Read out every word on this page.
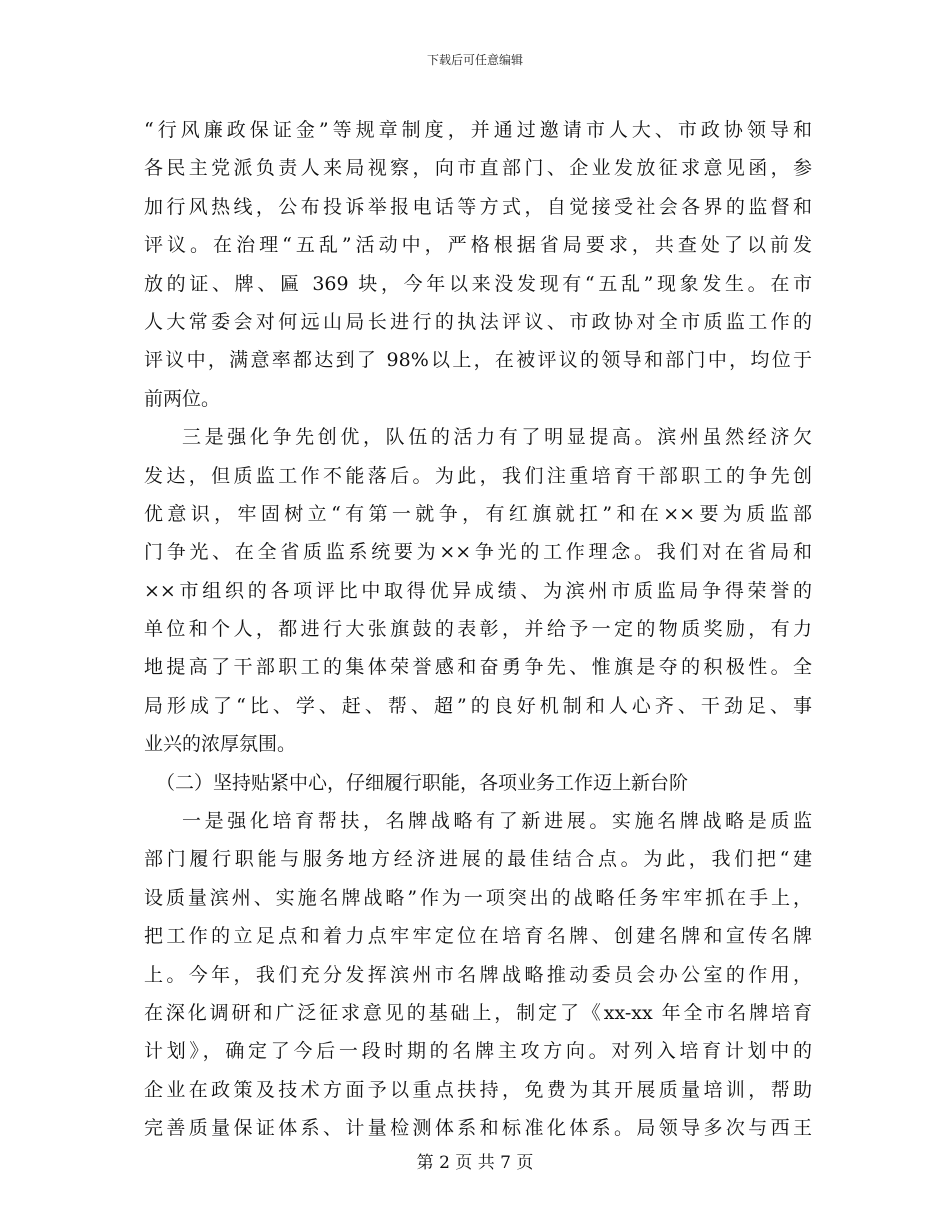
下载后可任意编辑
“行风廉政保证金”等规章制度，并通过邀请市人大、市政协领导和
各民主党派负责人来局视察，向市直部门、企业发放征求意见函，参
加行风热线，公布投诉举报电话等方式，自觉接受社会各界的监督和
评议。在治理“五乱”活动中，严格根据省局要求，共查处了以前发
放的证、牌、匾 369 块，今年以来没发现有“五乱”现象发生。在市
人大常委会对何远山局长进行的执法评议、市政协对全市质监工作的
评议中，满意率都达到了 98%以上，在被评议的领导和部门中，均位于
前两位。
三是强化争先创优，队伍的活力有了明显提高。滨州虽然经济欠
发达，但质监工作不能落后。为此，我们注重培育干部职工的争先创
优意识，牢固树立“有第一就争，有红旗就扛”和在××要为质监部
门争光、在全省质监系统要为××争光的工作理念。我们对在省局和
××市组织的各项评比中取得优异成绩、为滨州市质监局争得荣誉的
单位和个人，都进行大张旗鼓的表彰，并给予一定的物质奖励，有力
地提高了干部职工的集体荣誉感和奋勇争先、惟旗是夺的积极性。全
局形成了“比、学、赶、帮、超”的良好机制和人心齐、干劲足、事
业兴的浓厚氛围。
（二）坚持贴紧中心，仔细履行职能，各项业务工作迈上新台阶
一是强化培育帮扶，名牌战略有了新进展。实施名牌战略是质监
部门履行职能与服务地方经济进展的最佳结合点。为此，我们把“建
设质量滨州、实施名牌战略”作为一项突出的战略任务牢牢抓在手上，
把工作的立足点和着力点牢牢定位在培育名牌、创建名牌和宣传名牌
上。今年，我们充分发挥滨州市名牌战略推动委员会办公室的作用，
在深化调研和广泛征求意见的基础上，制定了《xx-xx 年全市名牌培育
计划》，确定了今后一段时期的名牌主攻方向。对列入培育计划中的
企业在政策及技术方面予以重点扶持，免费为其开展质量培训，帮助
完善质量保证体系、计量检测体系和标准化体系。局领导多次与西王
第 2 页 共 7 页
